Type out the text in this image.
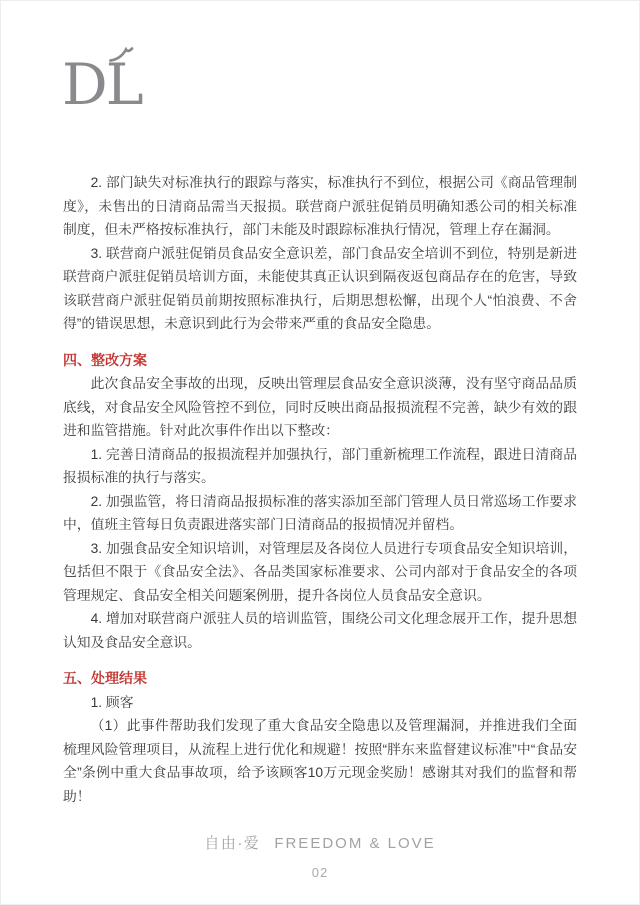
DL

2. 部门缺失对标准执行的跟踪与落实，标准执行不到位，根据公司《商品管理制度》，未售出的日清商品需当天报损。联营商户派驻促销员明确知悉公司的相关标准制度，但未严格按标准执行，部门未能及时跟踪标准执行情况，管理上存在漏洞。

3. 联营商户派驻促销员食品安全意识差，部门食品安全培训不到位，特别是新进联营商户派驻促销员培训方面，未能使其真正认识到隔夜返包商品存在的危害，导致该联营商户派驻促销员前期按照标准执行，后期思想松懈，出现个人“怕浪费、不舍得”的错误思想，未意识到此行为会带来严重的食品安全隐患。

四、整改方案

此次食品安全事故的出现，反映出管理层食品安全意识淡薄，没有坚守商品品质底线，对食品安全风险管控不到位，同时反映出商品报损流程不完善，缺少有效的跟进和监管措施。针对此次事件作出以下整改：

1. 完善日清商品的报损流程并加强执行，部门重新梳理工作流程，跟进日清商品报损标准的执行与落实。

2. 加强监管，将日清商品报损标准的落实添加至部门管理人员日常巡场工作要求中，值班主管每日负责跟进落实部门日清商品的报损情况并留档。

3. 加强食品安全知识培训，对管理层及各岗位人员进行专项食品安全知识培训，包括但不限于《食品安全法》、各品类国家标准要求、公司内部对于食品安全的各项管理规定、食品安全相关问题案例册，提升各岗位人员食品安全意识。

4. 增加对联营商户派驻人员的培训监管，围绕公司文化理念展开工作，提升思想认知及食品安全意识。

五、处理结果

1. 顾客

（1）此事件帮助我们发现了重大食品安全隐患以及管理漏洞，并推进我们全面梳理风险管理项目，从流程上进行优化和规避！按照“胖东来监督建议标准”中“食品安全”条例中重大食品事故项，给予该顾客10万元现金奖励！感谢其对我们的监督和帮助！

自由·爱 FREEDOM & LOVE
02
